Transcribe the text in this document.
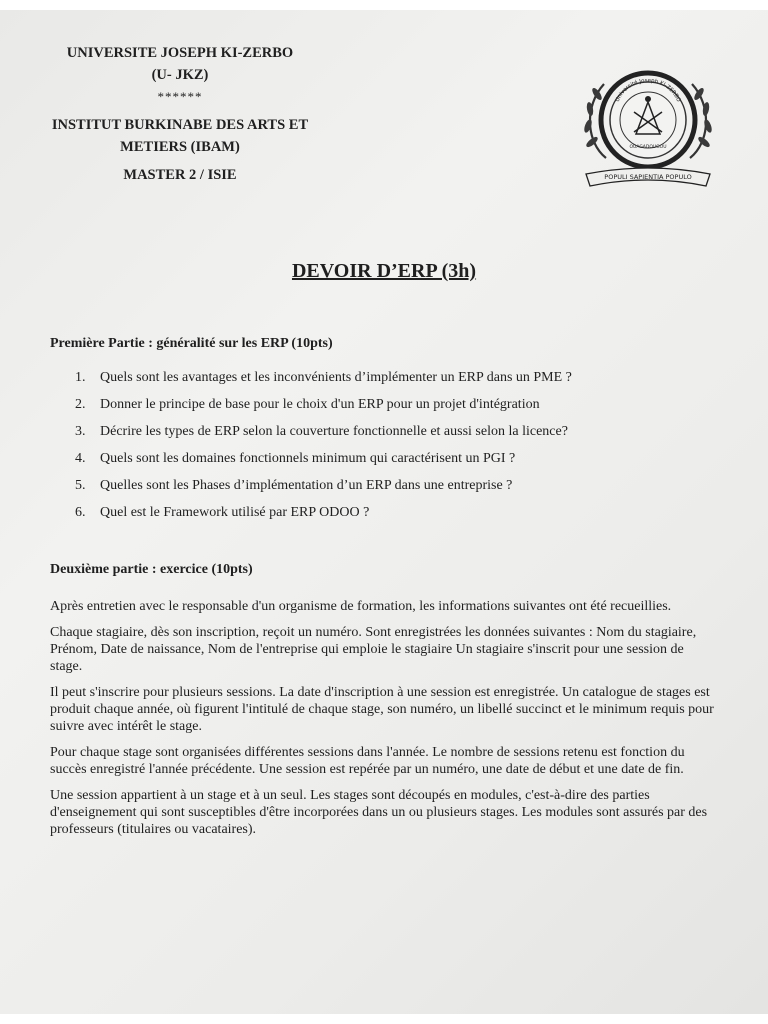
UNIVERSITE JOSEPH KI-ZERBO
(U- JKZ)
******
INSTITUT BURKINABE DES ARTS ET
METIERS (IBAM)
MASTER 2 / ISIE
Université Joseph KI-ZERBO
OUAGADOUGOU
POPULI SAPIENTIA POPULO
DEVOIR D’ERP (3h)
Première Partie : généralité sur les ERP (10pts)
1.	Quels sont les avantages et les inconvénients d’implémenter un ERP dans un PME ?
2.	Donner le principe de base pour le choix d'un ERP pour un projet d'intégration
3.	Décrire les types de ERP selon la couverture fonctionnelle et aussi selon la licence?
4.	Quels sont les domaines fonctionnels minimum qui caractérisent un PGI ?
5.	Quelles sont les Phases d’implémentation d’un ERP dans une entreprise ?
6.	Quel est le Framework utilisé par ERP ODOO ?
Deuxième partie : exercice (10pts)

Après entretien avec le responsable d'un organisme de formation, les informations suivantes ont été recueillies.

Chaque stagiaire, dès son inscription, reçoit un numéro. Sont enregistrées les données suivantes : Nom du stagiaire, Prénom, Date de naissance, Nom de l'entreprise qui emploie le stagiaire Un stagiaire s'inscrit pour une session de stage.

Il peut s'inscrire pour plusieurs sessions. La date d'inscription à une session est enregistrée. Un catalogue de stages est produit chaque année, où figurent l'intitulé de chaque stage, son numéro, un libellé succinct et le minimum requis pour suivre avec intérêt le stage.

Pour chaque stage sont organisées différentes sessions dans l'année. Le nombre de sessions retenu est fonction du succès enregistré l'année précédente. Une session est repérée par un numéro, une date de début et une date de fin.

Une session appartient à un stage et à un seul. Les stages sont découpés en modules, c'est-à-dire des parties d'enseignement qui sont susceptibles d'être incorporées dans un ou plusieurs stages. Les modules sont assurés par des professeurs (titulaires ou vacataires).
